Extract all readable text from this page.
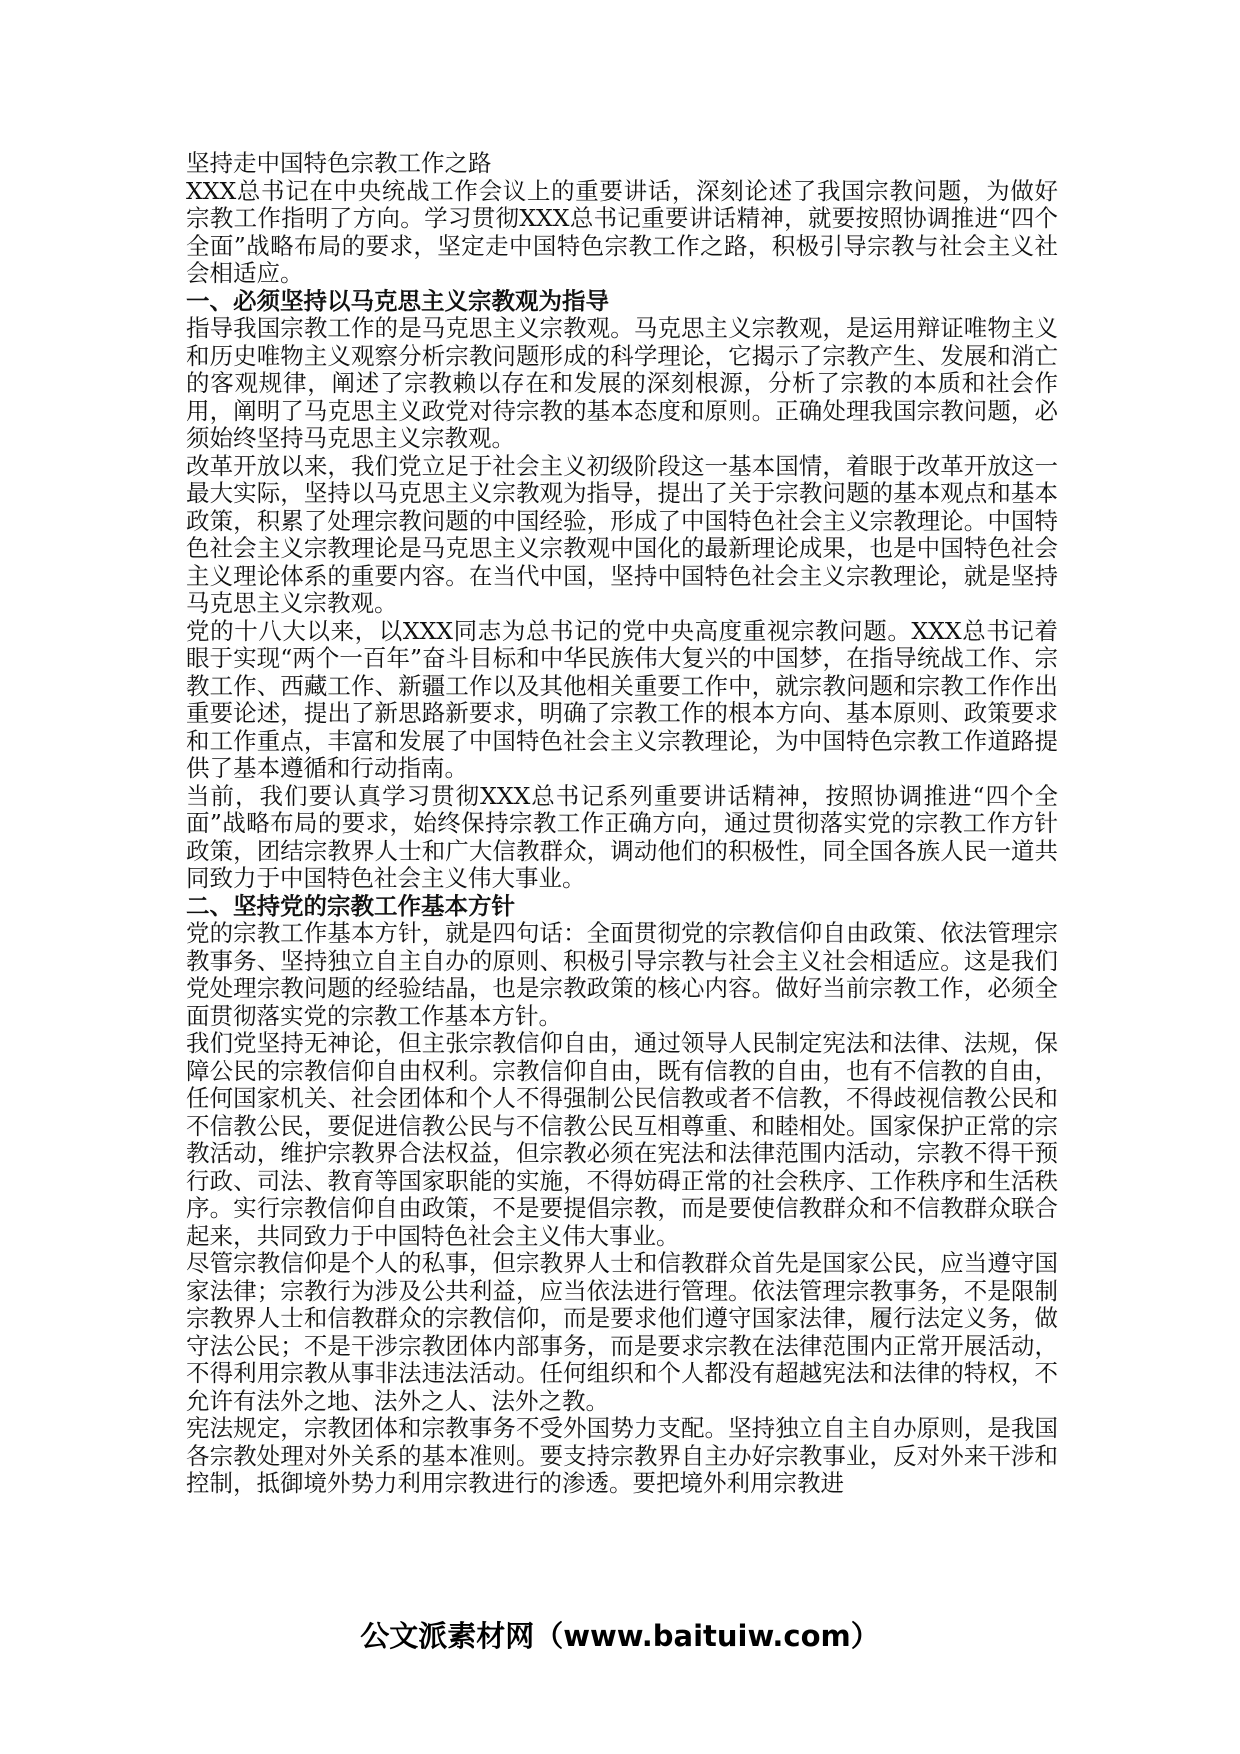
坚持走中国特色宗教工作之路

XXX总书记在中央统战工作会议上的重要讲话，深刻论述了我国宗教问题，为做好宗教工作指明了方向。学习贯彻XXX总书记重要讲话精神，就要按照协调推进“四个全面”战略布局的要求，坚定走中国特色宗教工作之路，积极引导宗教与社会主义社会相适应。

一、必须坚持以马克思主义宗教观为指导

指导我国宗教工作的是马克思主义宗教观。马克思主义宗教观，是运用辩证唯物主义和历史唯物主义观察分析宗教问题形成的科学理论，它揭示了宗教产生、发展和消亡的客观规律，阐述了宗教赖以存在和发展的深刻根源，分析了宗教的本质和社会作用，阐明了马克思主义政党对待宗教的基本态度和原则。正确处理我国宗教问题，必须始终坚持马克思主义宗教观。

改革开放以来，我们党立足于社会主义初级阶段这一基本国情，着眼于改革开放这一最大实际，坚持以马克思主义宗教观为指导，提出了关于宗教问题的基本观点和基本政策，积累了处理宗教问题的中国经验，形成了中国特色社会主义宗教理论。中国特色社会主义宗教理论是马克思主义宗教观中国化的最新理论成果，也是中国特色社会主义理论体系的重要内容。在当代中国，坚持中国特色社会主义宗教理论，就是坚持马克思主义宗教观。

党的十八大以来，以XXX同志为总书记的党中央高度重视宗教问题。XXX总书记着眼于实现“两个一百年”奋斗目标和中华民族伟大复兴的中国梦，在指导统战工作、宗教工作、西藏工作、新疆工作以及其他相关重要工作中，就宗教问题和宗教工作作出重要论述，提出了新思路新要求，明确了宗教工作的根本方向、基本原则、政策要求和工作重点，丰富和发展了中国特色社会主义宗教理论，为中国特色宗教工作道路提供了基本遵循和行动指南。

当前，我们要认真学习贯彻XXX总书记系列重要讲话精神，按照协调推进“四个全面”战略布局的要求，始终保持宗教工作正确方向，通过贯彻落实党的宗教工作方针政策，团结宗教界人士和广大信教群众，调动他们的积极性，同全国各族人民一道共同致力于中国特色社会主义伟大事业。

二、坚持党的宗教工作基本方针

党的宗教工作基本方针，就是四句话：全面贯彻党的宗教信仰自由政策、依法管理宗教事务、坚持独立自主自办的原则、积极引导宗教与社会主义社会相适应。这是我们党处理宗教问题的经验结晶，也是宗教政策的核心内容。做好当前宗教工作，必须全面贯彻落实党的宗教工作基本方针。

我们党坚持无神论，但主张宗教信仰自由，通过领导人民制定宪法和法律、法规，保障公民的宗教信仰自由权利。宗教信仰自由，既有信教的自由，也有不信教的自由，任何国家机关、社会团体和个人不得强制公民信教或者不信教，不得歧视信教公民和不信教公民，要促进信教公民与不信教公民互相尊重、和睦相处。国家保护正常的宗教活动，维护宗教界合法权益，但宗教必须在宪法和法律范围内活动，宗教不得干预行政、司法、教育等国家职能的实施，不得妨碍正常的社会秩序、工作秩序和生活秩序。实行宗教信仰自由政策，不是要提倡宗教，而是要使信教群众和不信教群众联合起来，共同致力于中国特色社会主义伟大事业。

尽管宗教信仰是个人的私事，但宗教界人士和信教群众首先是国家公民，应当遵守国家法律；宗教行为涉及公共利益，应当依法进行管理。依法管理宗教事务，不是限制宗教界人士和信教群众的宗教信仰，而是要求他们遵守国家法律，履行法定义务，做守法公民；不是干涉宗教团体内部事务，而是要求宗教在法律范围内正常开展活动，不得利用宗教从事非法违法活动。任何组织和个人都没有超越宪法和法律的特权，不允许有法外之地、法外之人、法外之教。

宪法规定，宗教团体和宗教事务不受外国势力支配。坚持独立自主自办原则，是我国各宗教处理对外关系的基本准则。要支持宗教界自主办好宗教事业，反对外来干涉和控制，抵御境外势力利用宗教进行的渗透。要把境外利用宗教进

公文派素材网（www.baituiw.com）
